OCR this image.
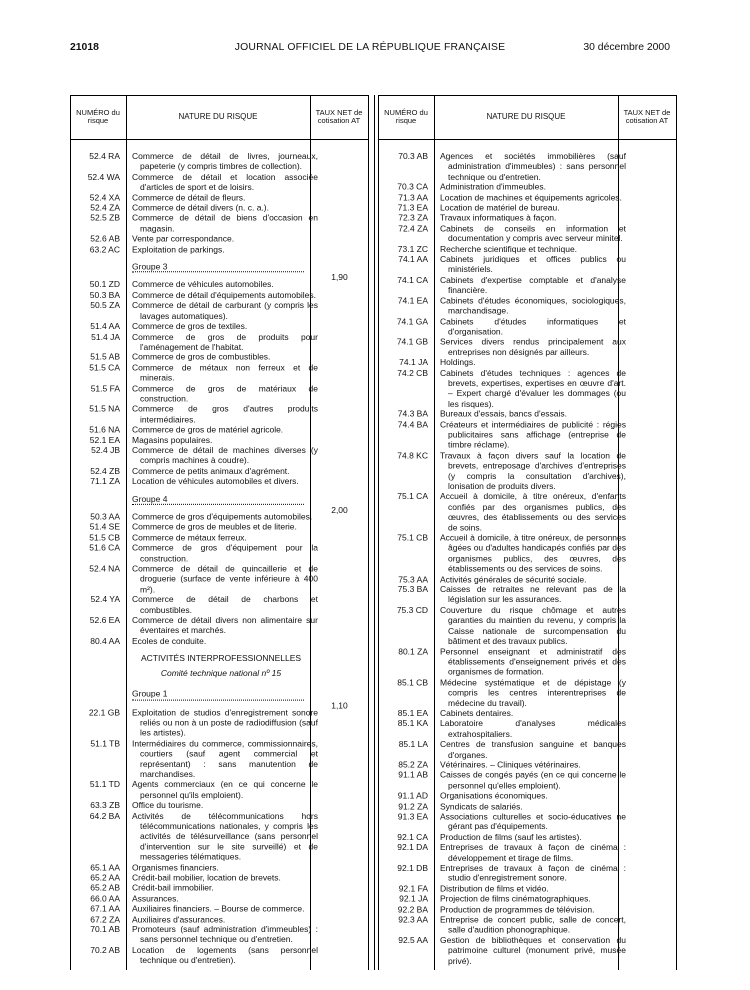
21018	JOURNAL OFFICIEL DE LA RÉPUBLIQUE FRANÇAISE	30 décembre 2000
NUMÉRO du risque	NATURE DU RISQUE	TAUX NET de cotisation AT
52.4 RA Commerce de détail de livres, journeaux, papeterie (y compris timbres de collection).
52.4 WA Commerce de détail et location associée d'articles de sport et de loisirs.
52.4 XA Commerce de détail de fleurs.
52.4 ZA Commerce de détail divers (n. c. a.).
52.5 ZB Commerce de détail de biens d'occasion en magasin.
52.6 AB Vente par correspondance.
63.2 AC Exploitation de parkings.
Groupe 3
1,90
50.1 ZD Commerce de véhicules automobiles.
50.3 BA Commerce de détail d'équipements automobiles.
50.5 ZA Commerce de détail de carburant (y compris les lavages automatiques).
51.4 AA Commerce de gros de textiles.
51.4 JA Commerce de gros de produits pour l'aménagement de l'habitat.
51.5 AB Commerce de gros de combustibles.
51.5 CA Commerce de métaux non ferreux et de minerais.
51.5 FA Commerce de gros de matériaux de construction.
51.5 NA Commerce de gros d'autres produits intermédiaires.
51.6 NA Commerce de gros de matériel agricole.
52.1 EA Magasins populaires.
52.4 JB Commerce de détail de machines diverses (y compris machines à coudre).
52.4 ZB Commerce de petits animaux d'agrément.
71.1 ZA Location de véhicules automobiles et divers.
Groupe 4
2,00
50.3 AA Commerce de gros d'équipements automobiles.
51.4 SE Commerce de gros de meubles et de literie.
51.5 CB Commerce de métaux ferreux.
51.6 CA Commerce de gros d'équipement pour la construction.
52.4 NA Commerce de détail de quincaillerie et de droguerie (surface de vente inférieure à 400 m²).
52.4 YA Commerce de détail de charbons et combustibles.
52.6 EA Commerce de détail divers non alimentaire sur éventaires et marchés.
80.4 AA Ecoles de conduite.
ACTIVITÉS INTERPROFESSIONNELLES
Comité technique national nº 15
Groupe 1
1,10
22.1 GB Exploitation de studios d'enregistrement sonore reliés ou non à un poste de radiodiffusion (sauf les artistes).
51.1 TB Intermédiaires du commerce, commissionnaires, courtiers (sauf agent commercial et représentant) : sans manutention de marchandises.
51.1 TD Agents commerciaux (en ce qui concerne le personnel qu'ils emploient).
63.3 ZB Office du tourisme.
64.2 BA Activités de télécommunications hors télécommunications nationales, y compris les activités de télésurveillance (sans personnel d'intervention sur le site surveillé) et de messageries télématiques.
65.1 AA Organismes financiers.
65.2 AA Crédit-bail mobilier, location de brevets.
65.2 AB Crédit-bail immobilier.
66.0 AA Assurances.
67.1 AA Auxiliaires financiers. – Bourse de commerce.
67.2 ZA Auxiliaires d'assurances.
70.1 AB Promoteurs (sauf administration d'immeubles) : sans personnel technique ou d'entretien.
70.2 AB Location de logements (sans personnel technique ou d'entretien).
NUMÉRO du risque	NATURE DU RISQUE	TAUX NET de cotisation AT
70.3 AB Agences et sociétés immobilières (sauf administration d'immeubles) : sans personnel technique ou d'entretien.
70.3 CA Administration d'immeubles.
71.3 AA Location de machines et équipements agricoles.
71.3 EA Location de matériel de bureau.
72.3 ZA Travaux informatiques à façon.
72.4 ZA Cabinets de conseils en information et documentation y compris avec serveur minitel.
73.1 ZC Recherche scientifique et technique.
74.1 AA Cabinets juridiques et offices publics ou ministériels.
74.1 CA Cabinets d'expertise comptable et d'analyse financière.
74.1 EA Cabinets d'études économiques, sociologiques, marchandisage.
74.1 GA Cabinets d'études informatiques et d'organisation.
74.1 GB Services divers rendus principalement aux entreprises non désignés par ailleurs.
74.1 JA Holdings.
74.2 CB Cabinets d'études techniques : agences de brevets, expertises, expertises en œuvre d'art. – Expert chargé d'évaluer les dommages (ou les risques).
74.3 BA Bureaux d'essais, bancs d'essais.
74.4 BA Créateurs et intermédiaires de publicité : régies publicitaires sans affichage (entreprise de timbre réclame).
74.8 KC Travaux à façon divers sauf la location de brevets, entreposage d'archives d'entreprises (y compris la consultation d'archives), lonisation de produits divers.
75.1 CA Accueil à domicile, à titre onéreux, d'enfants confiés par des organismes publics, des œuvres, des établissements ou des services de soins.
75.1 CB Accueil à domicile, à titre onéreux, de personnes âgées ou d'adultes handicapés confiés par des organismes publics, des œuvres, des établissements ou des services de soins.
75.3 AA Activités générales de sécurité sociale.
75.3 BA Caisses de retraites ne relevant pas de la législation sur les assurances.
75.3 CD Couverture du risque chômage et autres garanties du maintien du revenu, y compris la Caisse nationale de surcompensation du bâtiment et des travaux publics.
80.1 ZA Personnel enseignant et administratif des établissements d'enseignement privés et des organismes de formation.
85.1 CB Médecine systématique et de dépistage (y compris les centres interentreprises de médecine du travail).
85.1 EA Cabinets dentaires.
85.1 KA Laboratoire d'analyses médicales extrahospitaliers.
85.1 LA Centres de transfusion sanguine et banques d'organes.
85.2 ZA Vétérinaires. – Cliniques vétérinaires.
91.1 AB Caisses de congés payés (en ce qui concerne le personnel qu'elles emploient).
91.1 AD Organisations économiques.
91.2 ZA Syndicats de salariés.
91.3 EA Associations culturelles et socio-éducatives ne gérant pas d'équipements.
92.1 CA Production de films (sauf les artistes).
92.1 DA Entreprises de travaux à façon de cinéma : développement et tirage de films.
92.1 DB Entreprises de travaux à façon de cinéma : studio d'enregistrement sonore.
92.1 FA Distribution de films et vidéo.
92.1 JA Projection de films cinématographiques.
92.2 BA Production de programmes de télévision.
92.3 AA Entreprise de concert public, salle de concert, salle d'audition phonographique.
92.5 AA Gestion de bibliothèques et conservation du patrimoine culturel (monument privé, musée privé).
